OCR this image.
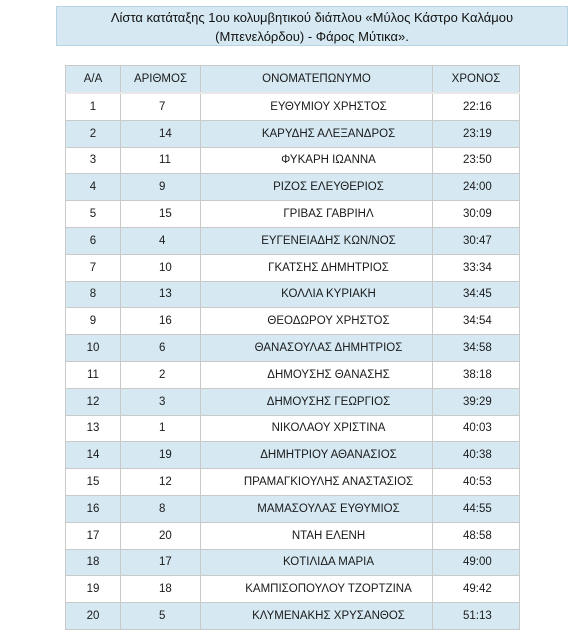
Λίστα κατάταξης 1ου κολυμβητικού διάπλου «Μύλος Κάστρο Καλάμου
(Μπενελόρδου) - Φάρος Μύτικα».
Α/Α	ΑΡΙΘΜΟΣ	ΟΝΟΜΑΤΕΠΩΝΥΜΟ	ΧΡΟΝΟΣ
1	7	ΕΥΘΥΜΙΟΥ ΧΡΗΣΤΟΣ	22:16
2	14	ΚΑΡΥΔΗΣ ΑΛΕΞΑΝΔΡΟΣ	23:19
3	11	ΦΥΚΑΡΗ ΙΩΑΝΝΑ	23:50
4	9	ΡΙΖΟΣ ΕΛΕΥΘΕΡΙΟΣ	24:00
5	15	ΓΡΙΒΑΣ ΓΑΒΡΙΗΛ	30:09
6	4	ΕΥΓΕΝΕΙΑΔΗΣ ΚΩΝ/ΝΟΣ	30:47
7	10	ΓΚΑΤΣΗΣ ΔΗΜΗΤΡΙΟΣ	33:34
8	13	ΚΟΛΛΙΑ ΚΥΡΙΑΚΗ	34:45
9	16	ΘΕΟΔΩΡΟΥ ΧΡΗΣΤΟΣ	34:54
10	6	ΘΑΝΑΣΟΥΛΑΣ ΔΗΜΗΤΡΙΟΣ	34:58
11	2	ΔΗΜΟΥΣΗΣ ΘΑΝΑΣΗΣ	38:18
12	3	ΔΗΜΟΥΣΗΣ ΓΕΩΡΓΙΟΣ	39:29
13	1	ΝΙΚΟΛΑΟΥ ΧΡΙΣΤΙΝΑ	40:03
14	19	ΔΗΜΗΤΡΙΟΥ ΑΘΑΝΑΣΙΟΣ	40:38
15	12	ΠΡΑΜΑΓΚΙΟΥΛΗΣ ΑΝΑΣΤΑΣΙΟΣ	40:53
16	8	ΜΑΜΑΣΟΥΛΑΣ ΕΥΘΥΜΙΟΣ	44:55
17	20	ΝΤΑΗ ΕΛΕΝΗ	48:58
18	17	ΚΟΤΙΛΙΔΑ ΜΑΡΙΑ	49:00
19	18	ΚΑΜΠΙΣΟΠΟΥΛΟΥ ΤΖΟΡΤΖΙΝΑ	49:42
20	5	ΚΛΥΜΕΝΑΚΗΣ ΧΡΥΣΑΝΘΟΣ	51:13
